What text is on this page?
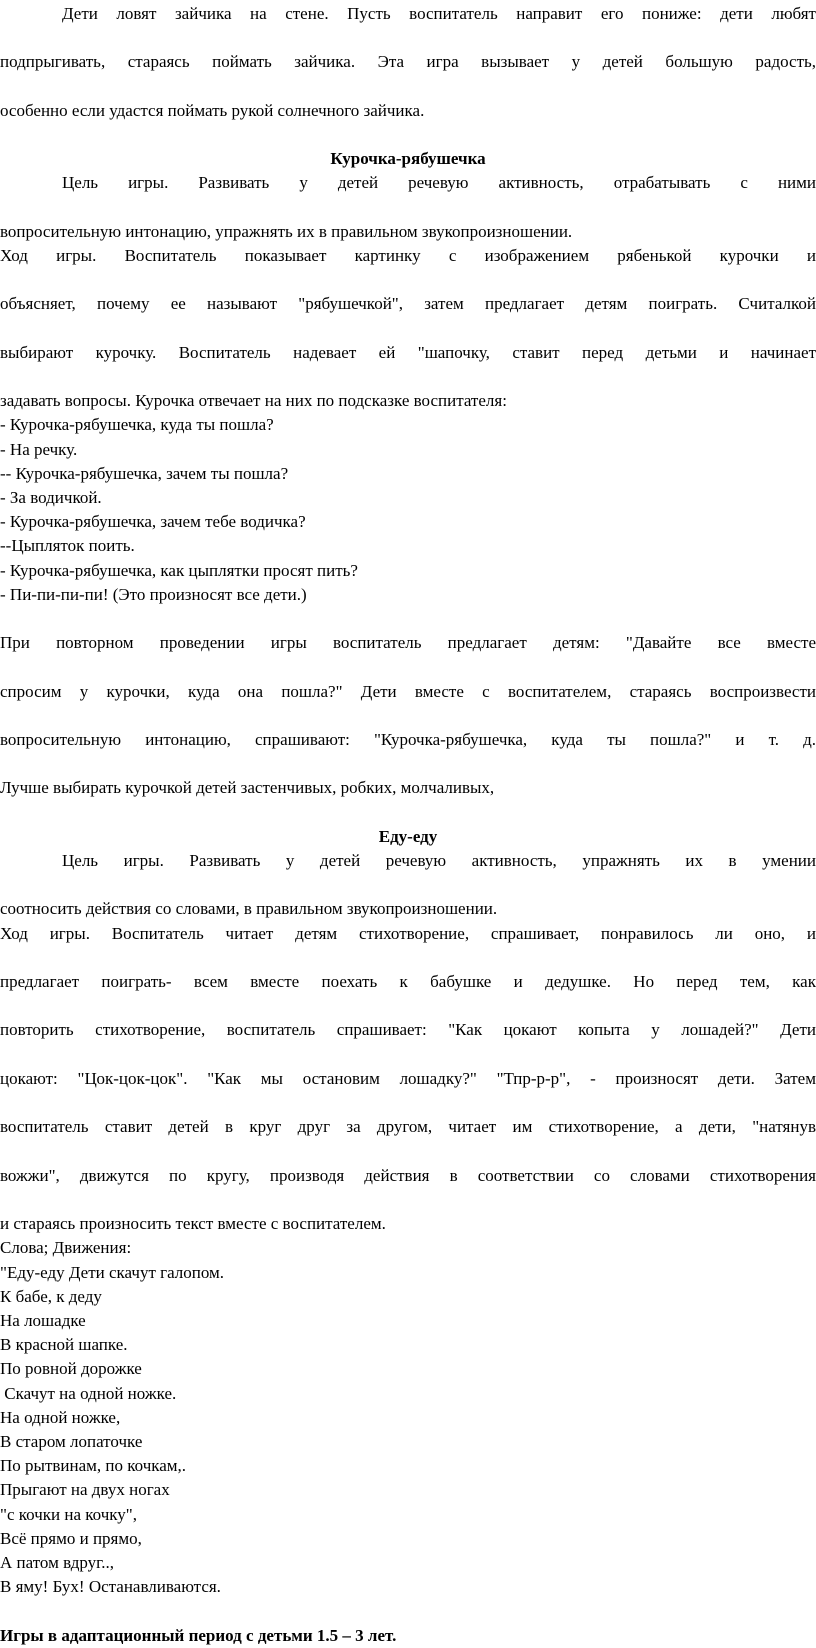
Дети ловят зайчика на стене. Пусть воспитатель направит его пониже: дети любят

подпрыгивать, стараясь поймать зайчика. Эта игра вызывает у детей большую радость,

особенно если удастся поймать рукой солнечного зайчика.

Курочка-рябушечка

Цель игры. Развивать у детей речевую активность, отрабатывать с ними

вопросительную интонацию, упражнять их в правильном звукопроизношении.

Ход игры. Воспитатель показывает картинку с изображением рябенькой курочки и

объясняет, почему ее называют "рябушечкой", затем предлагает детям поиграть. Считалкой

выбирают курочку. Воспитатель надевает ей "шапочку, ставит перед детьми и начинает

задавать вопросы. Курочка отвечает на них по подсказке воспитателя:

- Курочка-рябушечка, куда ты пошла?

- На речку.

-- Курочка-рябушечка, зачем ты пошла?

- За водичкой.

- Курочка-рябушечка, зачем тебе водичка?

--Цыпляток поить.

- Курочка-рябушечка, как цыплятки просят пить?

- Пи-пи-пи-пи! (Это произносят все дети.)

При повторном проведении игры воспитатель предлагает детям: "Давайте все вместе

спросим у курочки, куда она пошла?" Дети вместе с воспитателем, стараясь воспроизвести

вопросительную интонацию, спрашивают: "Курочка-рябушечка, куда ты пошла?" и т. д.

Лучше выбирать курочкой детей застенчивых, робких, молчаливых,

Еду-еду

Цель игры. Развивать у детей речевую активность, упражнять их в умении

соотносить действия со словами, в правильном звукопроизношении.

Ход игры. Воспитатель читает детям стихотворение, спрашивает, понравилось ли оно, и

предлагает поиграть- всем вместе поехать к бабушке и дедушке. Но перед тем, как

повторить стихотворение, воспитатель спрашивает: "Как цокают копыта у лошадей?" Дети

цокают: "Цок-цок-цок". "Как мы остановим лошадку?" "Тпр-р-р", - произносят дети. Затем

воспитатель ставит детей в круг друг за другом, читает им стихотворение, а дети, "натянув

вожжи", движутся по кругу, производя действия в соответствии со словами стихотворения

и стараясь произносить текст вместе с воспитателем.

Слова; Движения:

"Еду-еду Дети скачут галопом.

К бабе, к деду

На лошадке

В красной шапке.

По ровной дорожке

Скачут на одной ножке.

На одной ножке,

В старом лопаточке

По рытвинам, по кочкам,.

Прыгают на двух ногах

"с кочки на кочку",

Всё прямо и прямо,

А патом вдруг..,

В яму! Бух! Останавливаются.

Игры в адаптационный период с детьми 1.5 – 3 лет.
